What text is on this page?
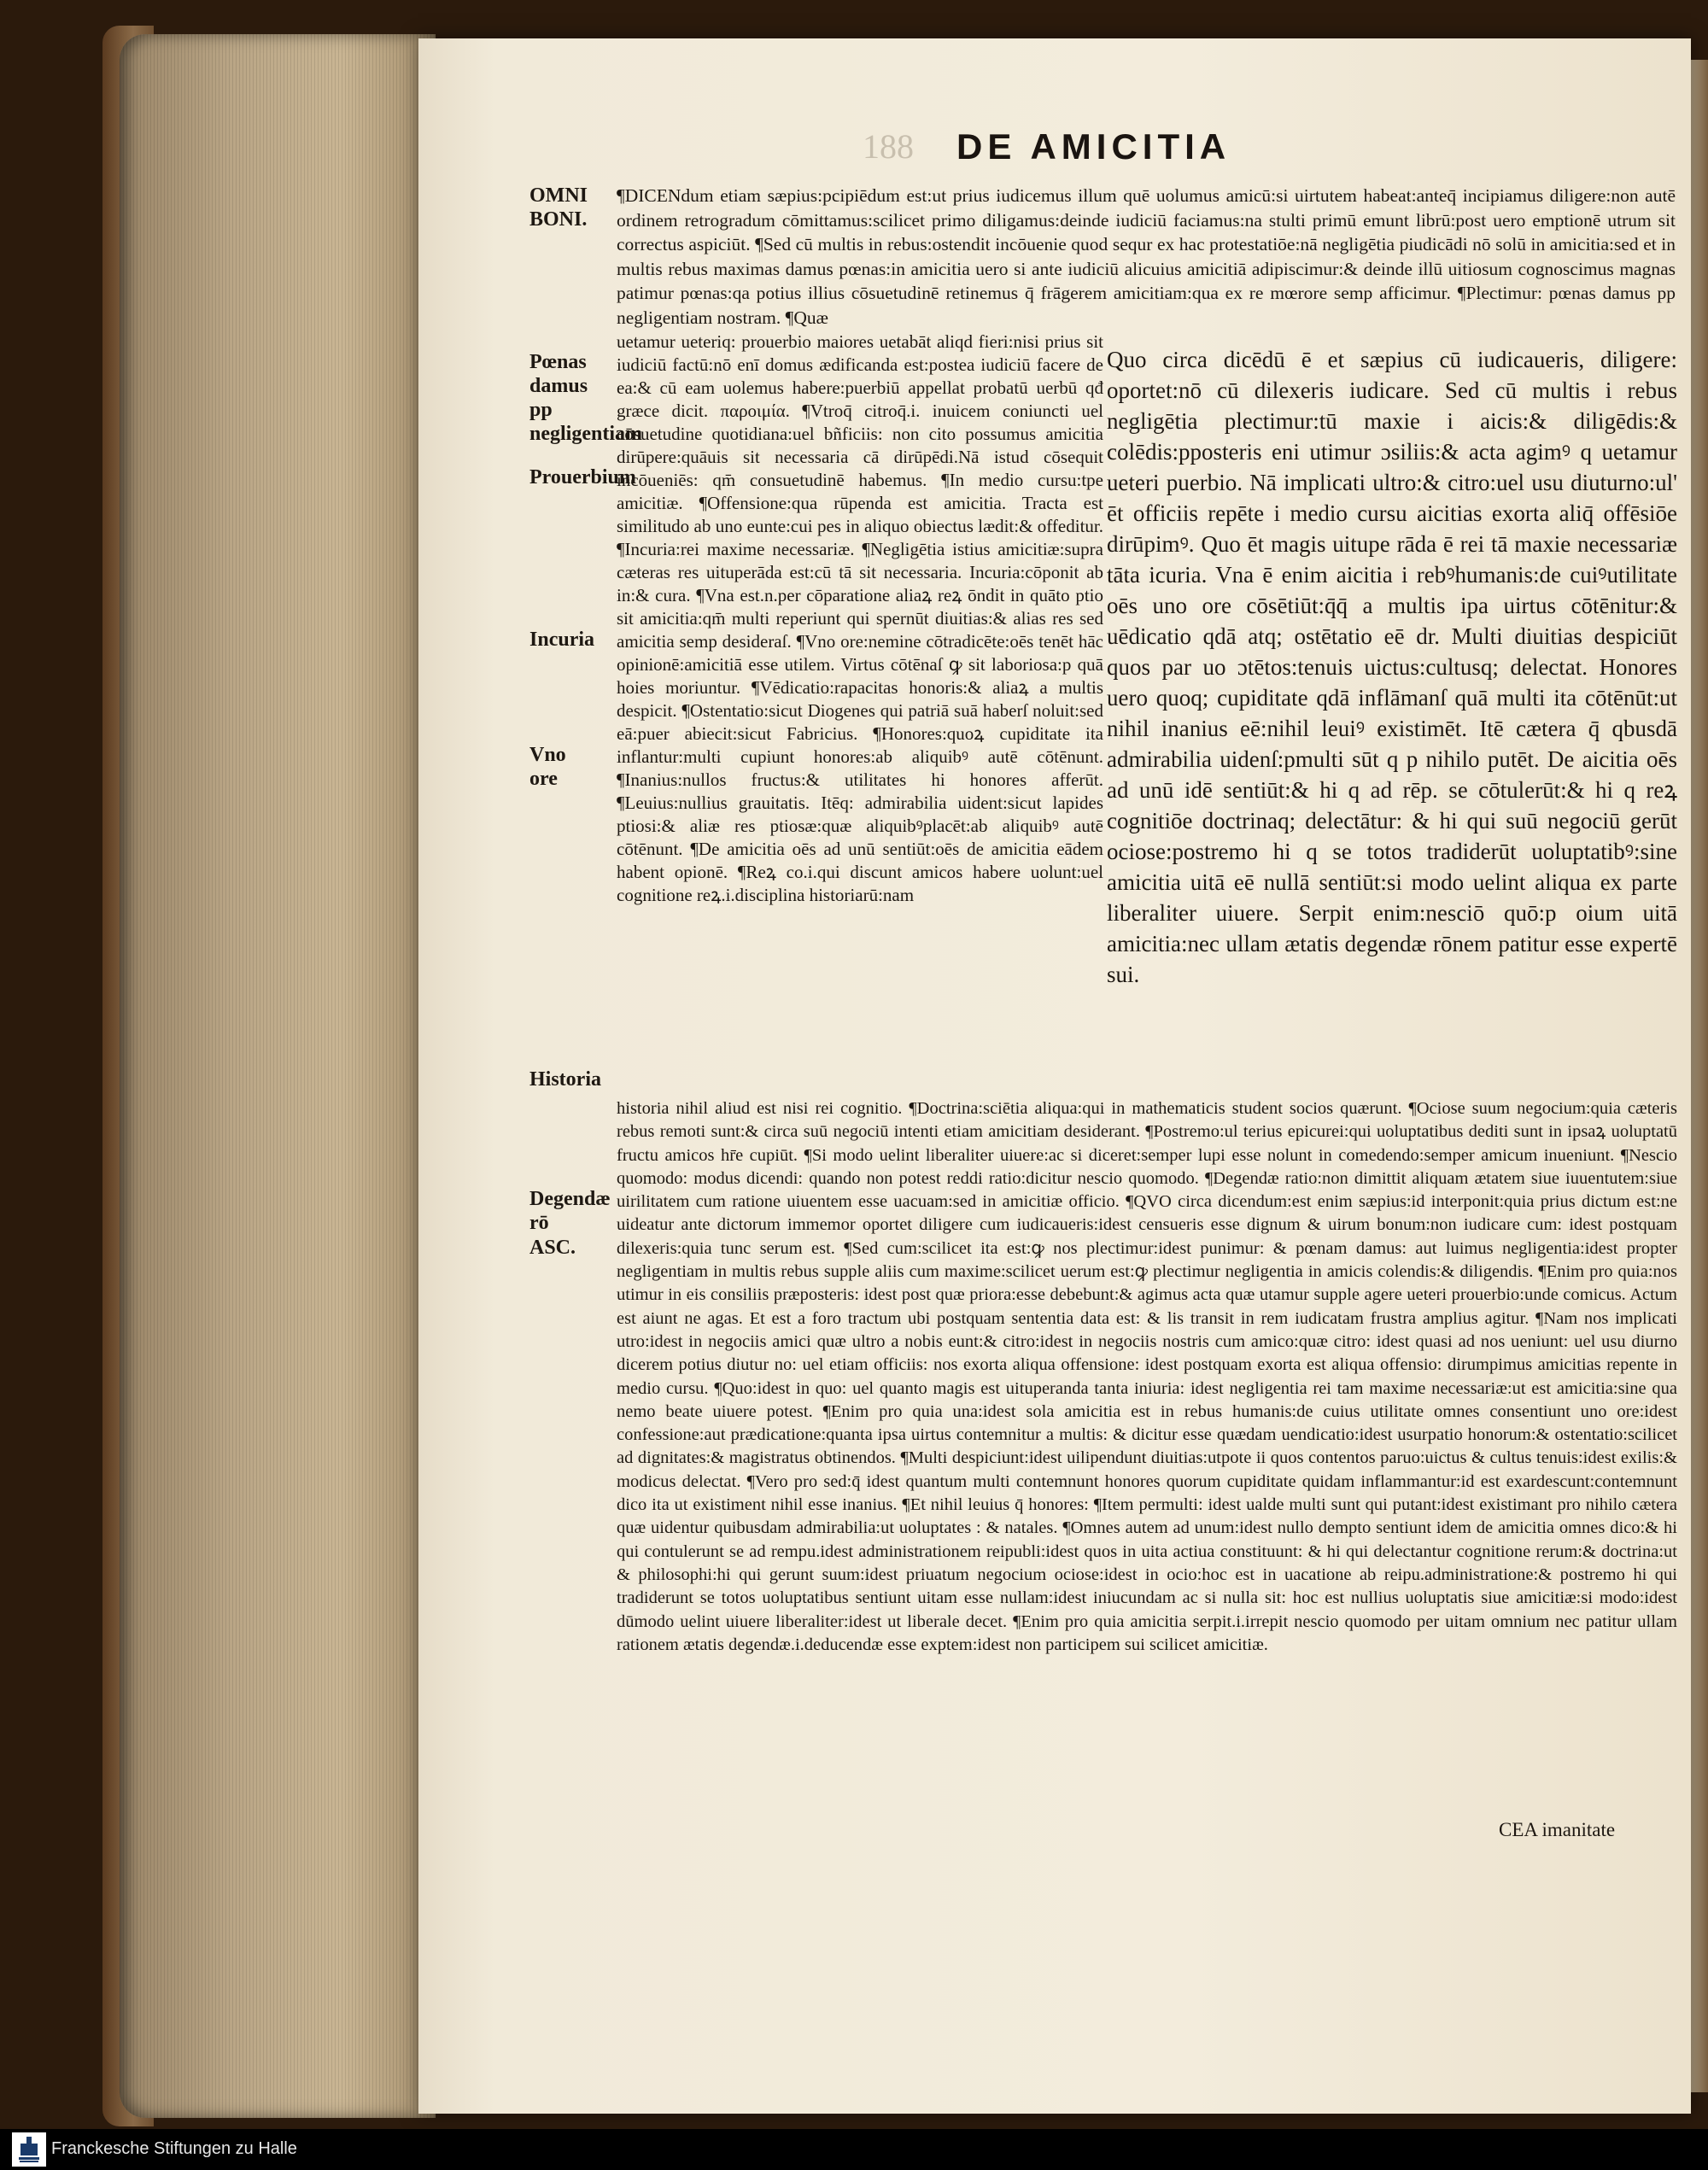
188 DE AMICITIA
OMNI BONI.
Pœnas damus pp negligentiam
Prouerbium
Incuria
Vno ore
Historia
Degendæ rō
ASC.
¶DICENdum etiam sæpius:pcipiēdum est:ut prius iudicemus illum quē uolumus amicū:si uirtutem habeat:anteq̄ incipiamus diligere:non autē ordinem retrogradum cōmittamus:scilicet primo diligamus:deinde iudiciū faciamus:na stulti primū emunt librū:post uero emptionē utrum sit correctus aspiciūt. ¶Sed cū multis in rebus:ostendit incōuenie quod sequr ex hac protestatiōe:nā negligētia piudicādi nō solū in amicitia:sed et in multis rebus maximas damus pœnas:in amicitia uero si ante iudiciū alicuius amicitiā adipiscimur:& deinde illū uitiosum cognoscimus magnas patimur pœnas:qa potius illius cōsuetudinē retinemus q̄ frāgerem amicitiam:qua ex re mœrore semp afficimur. ¶Plectimur: pœnas damus pp negligentiam nostram. ¶Quæ
uetamur ueteriq: prouerbio maiores uetabāt aliqd fieri:nisi prius sit iudiciū factū:nō enī domus ædificanda est:postea iudiciū facere de ea:& cū eam uolemus habere:puerbiū appellat probatū uerbū qđ græce dicit. παροιμία. ¶Vtroq̄ citroq̄.i. inuicem coniuncti uel cōsuetudine quotidiana:uel bñficiis: non cito possumus amicitia dirūpere:quāuis sit necessaria cā dirūpēdi.Nā istud cōsequit incōueniēs: qm̄ consuetudinē habemus. ¶In medio cursu:tpe amicitiæ. ¶Offensione:qua rūpenda est amicitia. Tracta est similitudo ab uno eunte:cui pes in aliquo obiectus lædit:& offeditur. ¶Incuria:rei maxime necessariæ. ¶Negligētia istius amicitiæ:supra cæteras res uituperāda est:cū tā sit necessaria. Incuria:cōponit ab in:& cura. ¶Vna est.n.per cōparatione aliaꝝ reꝝ ōndit in quāto ptio sit amicitia:qm̄ multi reperiunt qui spernūt diuitias:& alias res sed amicitia semp desideraſ. ¶Vno ore:nemine cōtradicēte:oēs tenēt hāc opinionē:amicitiā esse utilem. Virtus cōtēnaſ ꝙ sit laboriosa:p quā hoies moriuntur. ¶Vēdicatio:rapacitas honoris:& aliaꝝ a multis despicit. ¶Ostentatio:sicut Diogenes qui patriā suā haberſ noluit:sed eā:puer abiecit:sicut Fabricius. ¶Honores:quoꝝ cupiditate ita inflantur:multi cupiunt honores:ab aliquibꝰ autē cōtēnunt. ¶Inanius:nullos fructus:& utilitates hi honores afferūt. ¶Leuius:nullius grauitatis. Itēq: admirabilia uident:sicut lapides ptiosi:& aliæ res ptiosæ:quæ aliquibꝰplacēt:ab aliquibꝰ autē cōtēnunt. ¶De amicitia oēs ad unū sentiūt:oēs de amicitia eādem habent opionē. ¶Reꝝ co.i.qui discunt amicos habere uolunt:uel cognitione reꝝ.i.disciplina historiarū:nam
Quo circa dicēdū ē et sæpius cū iudicaueris, diligere: oportet:nō cū dilexeris iudicare. Sed cū multis i rebus negligētia plectimur:tū maxie i aicis:& diligēdis:& colēdis:pposteris eni utimur ɔsiliis:& acta agimꝰ q uetamur ueteri puerbio. Nā implicati ultro:& citro:uel usu diuturno:ul' ēt officiis repēte i medio cursu aicitias exorta aliq̄ offēsiōe dirūpimꝰ. Quo ēt magis uitupe rāda ē rei tā maxie necessariæ tāta icuria. Vna ē enim aicitia i rebꝰhumanis:de cuiꝰutilitate oēs uno ore cōsētiūt:q̄q̄ a multis ipa uirtus cōtēnitur:& uēdicatio qdā atq; ostētatio eē dr. Multi diuitias despiciūt quos par uo ɔtētos:tenuis uictus:cultusq; delectat. Honores uero quoq; cupiditate qdā inflāmanſ quā multi ita cōtēnūt:ut nihil inanius eē:nihil leuiꝰ existimēt. Itē cætera q̄ qbusdā admirabilia uidenſ:pmulti sūt q p nihilo putēt. De aicitia oēs ad unū idē sentiūt:& hi q ad rēp. se cōtulerūt:& hi q reꝝ cognitiōe doctrinaq; delectātur: & hi qui suū negociū gerūt ociose:postremo hi q se totos tradiderūt uoluptatibꝰ:sine amicitia uitā eē nullā sentiūt:si modo uelint aliqua ex parte liberaliter uiuere. Serpit enim:nesciō quō:p oium uitā amicitia:nec ullam ætatis degendæ rōnem patitur esse expertē sui.
historia nihil aliud est nisi rei cognitio. ¶Doctrina:sciētia aliqua:qui in mathematicis student socios quærunt. ¶Ociose suum negocium:quia cæteris rebus remoti sunt:& circa suū negociū intenti etiam amicitiam desiderant. ¶Postremo:ul terius epicurei:qui uoluptatibus dediti sunt in ipsaꝝ uoluptatū fructu amicos hr̄e cupiūt. ¶Si modo uelint liberaliter uiuere:ac si diceret:semper lupi esse nolunt in comedendo:semper amicum inueniunt. ¶Nescio quomodo: modus dicendi: quando non potest reddi ratio:dicitur nescio quomodo. ¶Degendæ ratio:non dimittit aliquam ætatem siue iuuentutem:siue uirilitatem cum ratione uiuentem esse uacuam:sed in amicitiæ officio. ¶QVO circa dicendum:est enim sæpius:id interponit:quia prius dictum est:ne uideatur ante dictorum immemor oportet diligere cum iudicaueris:idest censueris esse dignum & uirum bonum:non iudicare cum: idest postquam dilexeris:quia tunc serum est. ¶Sed cum:scilicet ita est:ꝙ nos plectimur:idest punimur: & pœnam damus: aut luimus negligentia:idest propter negligentiam in multis rebus supple aliis cum maxime:scilicet uerum est:ꝙ plectimur negligentia in amicis colendis:& diligendis. ¶Enim pro quia:nos utimur in eis consiliis præposteris: idest post quæ priora:esse debebunt:& agimus acta quæ utamur supple agere ueteri prouerbio:unde comicus. Actum est aiunt ne agas. Et est a foro tractum ubi postquam sententia data est: & lis transit in rem iudicatam frustra amplius agitur. ¶Nam nos implicati utro:idest in negociis amici quæ ultro a nobis eunt:& citro:idest in negociis nostris cum amico:quæ citro: idest quasi ad nos ueniunt: uel usu diurno dicerem potius diutur no: uel etiam officiis: nos exorta aliqua offensione: idest postquam exorta est aliqua offensio: dirumpimus amicitias repente in medio cursu. ¶Quo:idest in quo: uel quanto magis est uituperanda tanta iniuria: idest negligentia rei tam maxime necessariæ:ut est amicitia:sine qua nemo beate uiuere potest. ¶Enim pro quia una:idest sola amicitia est in rebus humanis:de cuius utilitate omnes consentiunt uno ore:idest confessione:aut prædicatione:quanta ipsa uirtus contemnitur a multis: & dicitur esse quædam uendicatio:idest usurpatio honorum:& ostentatio:scilicet ad dignitates:& magistratus obtinendos. ¶Multi despiciunt:idest uilipendunt diuitias:utpote ii quos contentos paruo:uictus & cultus tenuis:idest exilis:& modicus delectat. ¶Vero pro sed:q̄ idest quantum multi contemnunt honores quorum cupiditate quidam inflammantur:id est exardescunt:contemnunt dico ita ut existiment nihil esse inanius. ¶Et nihil leuius q̄ honores: ¶Item permulti: idest ualde multi sunt qui putant:idest existimant pro nihilo cætera quæ uidentur quibusdam admirabilia:ut uoluptates : & natales. ¶Omnes autem ad unum:idest nullo dempto sentiunt idem de amicitia omnes dico:& hi qui contulerunt se ad rempu.idest administrationem reipubli:idest quos in uita actiua constituunt: & hi qui delectantur cognitione rerum:& doctrina:ut & philosophi:hi qui gerunt suum:idest priuatum negocium ociose:idest in ocio:hoc est in uacatione ab reipu.administratione:& postremo hi qui tradiderunt se totos uoluptatibus sentiunt uitam esse nullam:idest iniucundam ac si nulla sit: hoc est nullius uoluptatis siue amicitiæ:si modo:idest dūmodo uelint uiuere liberaliter:idest ut liberale decet. ¶Enim pro quia amicitia serpit.i.irrepit nescio quomodo per uitam omnium nec patitur ullam rationem ætatis degendæ.i.deducendæ esse exptem:idest non participem sui scilicet amicitiæ.
CEA imanitate
Franckesche Stiftungen zu Halle
